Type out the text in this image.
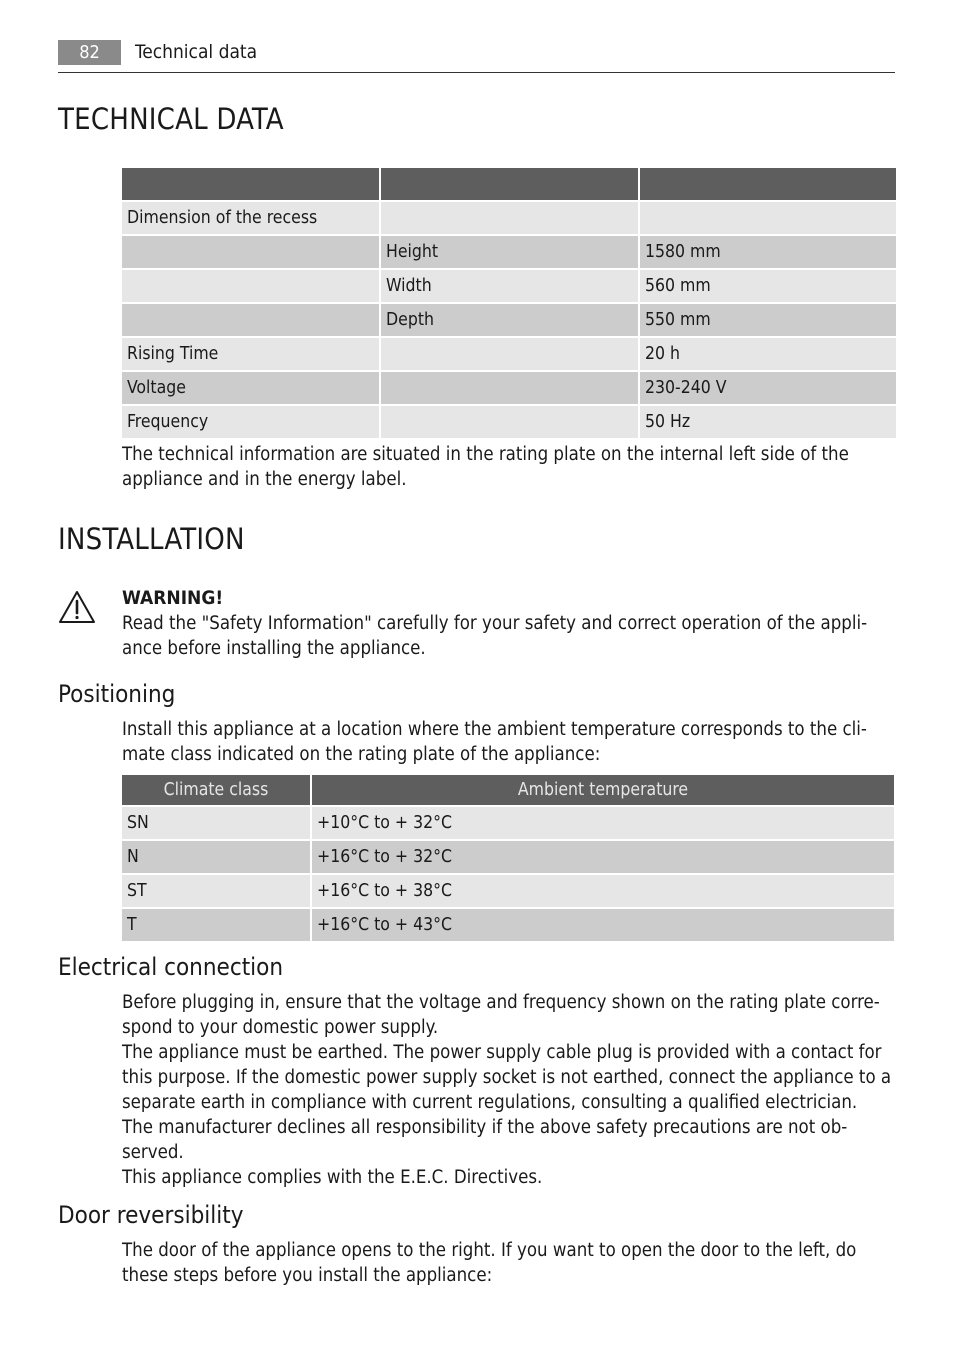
82	Technical data
TECHNICAL DATA

Dimension of the recess		
	Height	1580 mm
	Width	560 mm
	Depth	550 mm
Rising Time		20 h
Voltage		230-240 V
Frequency		50 Hz

The technical information are situated in the rating plate on the internal left side of the appliance and in the energy label.

INSTALLATION
WARNING!

Read the "Safety Information" carefully for your safety and correct operation of the appli-ance before installing the appliance.

Positioning

Install this appliance at a location where the ambient temperature corresponds to the cli-mate class indicated on the rating plate of the appliance:

Climate class	Ambient temperature
SN	+10°C to + 32°C
N	+16°C to + 32°C
ST	+16°C to + 38°C
T	+16°C to + 43°C
Electrical connection

Before plugging in, ensure that the voltage and frequency shown on the rating plate corre-spond to your domestic power supply.

The appliance must be earthed. The power supply cable plug is provided with a contact for this purpose. If the domestic power supply socket is not earthed, connect the appliance to a separate earth in compliance with current regulations, consulting a qualified electrician.

The manufacturer declines all responsibility if the above safety precautions are not ob-served.

This appliance complies with the E.E.C. Directives.

Door reversibility

The door of the appliance opens to the right. If you want to open the door to the left, do these steps before you install the appliance:
